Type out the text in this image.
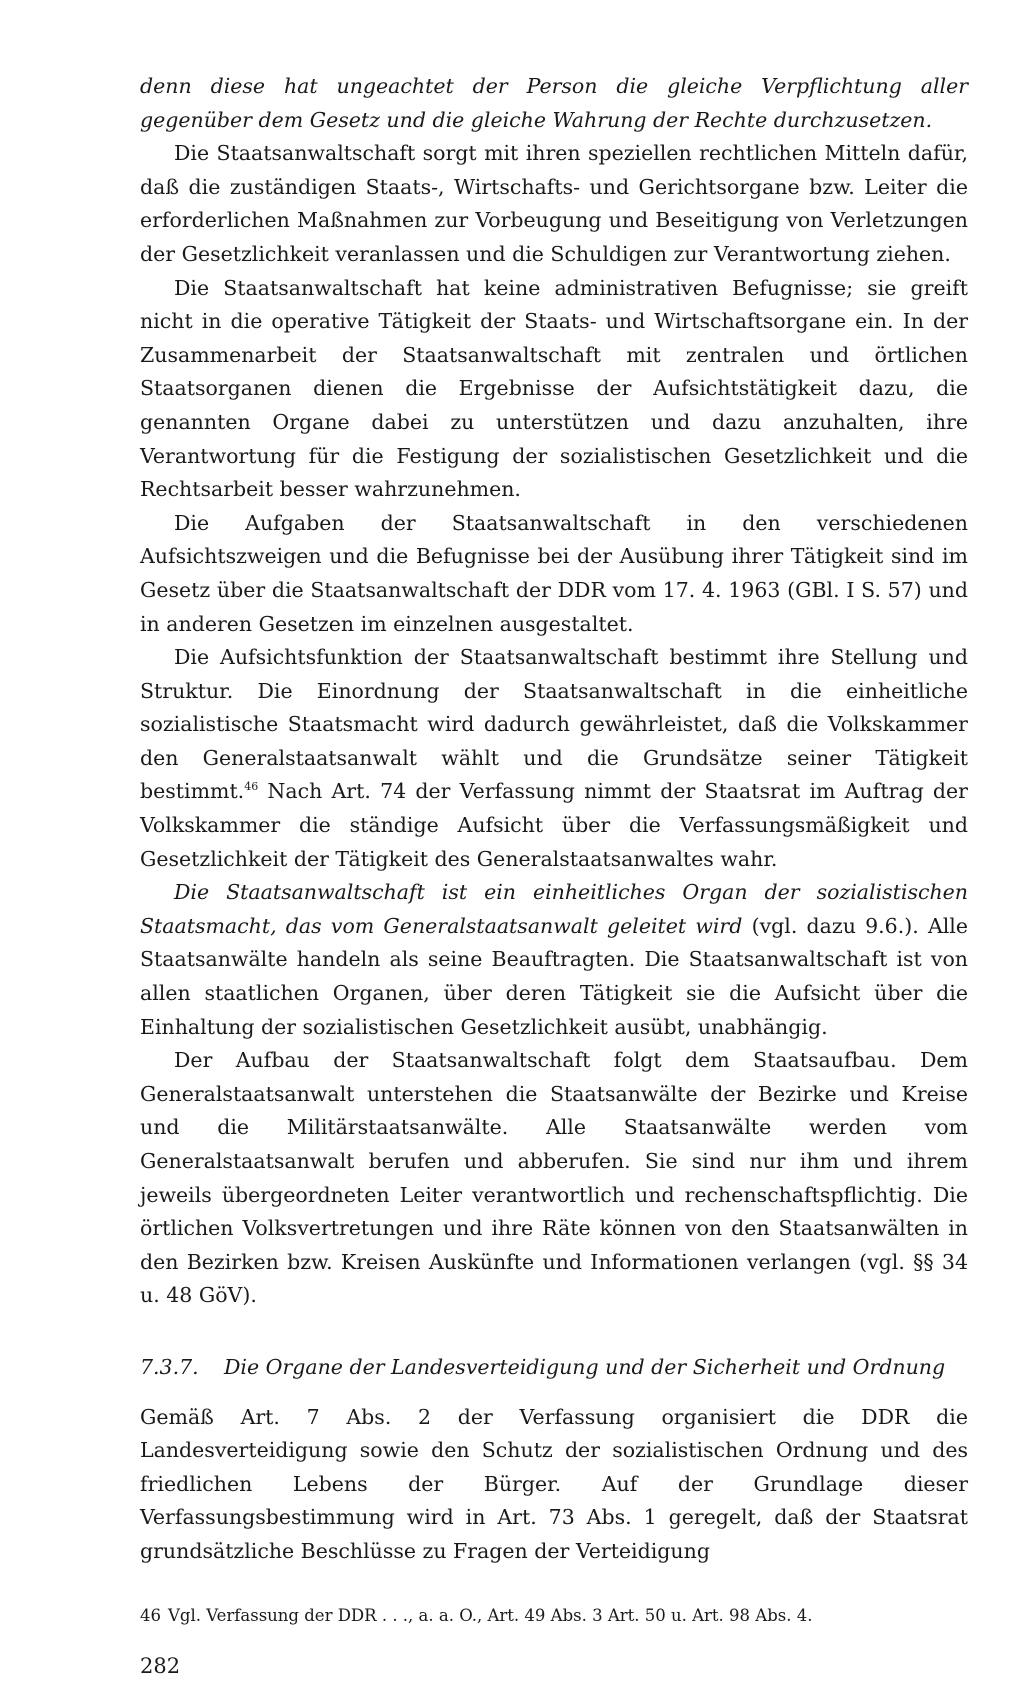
denn diese hat ungeachtet der Person die gleiche Verpflichtung aller gegenüber dem Gesetz und die gleiche Wahrung der Rechte durchzusetzen.

Die Staatsanwaltschaft sorgt mit ihren speziellen rechtlichen Mitteln dafür, daß die zuständigen Staats-, Wirtschafts- und Gerichtsorgane bzw. Leiter die erforderlichen Maßnahmen zur Vorbeugung und Beseitigung von Verletzungen der Gesetzlichkeit veranlassen und die Schuldigen zur Verantwortung ziehen.

Die Staatsanwaltschaft hat keine administrativen Befugnisse; sie greift nicht in die operative Tätigkeit der Staats- und Wirtschaftsorgane ein. In der Zusammenarbeit der Staatsanwaltschaft mit zentralen und örtlichen Staatsorganen dienen die Ergebnisse der Aufsichtstätigkeit dazu, die genannten Organe dabei zu unterstützen und dazu anzuhalten, ihre Verantwortung für die Festigung der sozialistischen Gesetzlichkeit und die Rechtsarbeit besser wahrzunehmen.

Die Aufgaben der Staatsanwaltschaft in den verschiedenen Aufsichtszweigen und die Befugnisse bei der Ausübung ihrer Tätigkeit sind im Gesetz über die Staatsanwaltschaft der DDR vom 17. 4. 1963 (GBl. I S. 57) und in anderen Gesetzen im einzelnen ausgestaltet.

Die Aufsichtsfunktion der Staatsanwaltschaft bestimmt ihre Stellung und Struktur. Die Einordnung der Staatsanwaltschaft in die einheitliche sozialistische Staatsmacht wird dadurch gewährleistet, daß die Volkskammer den Generalstaatsanwalt wählt und die Grundsätze seiner Tätigkeit bestimmt.$^{46}$ Nach Art. 74 der Verfassung nimmt der Staatsrat im Auftrag der Volkskammer die ständige Aufsicht über die Verfassungsmäßigkeit und Gesetzlichkeit der Tätigkeit des Generalstaatsanwaltes wahr.

Die Staatsanwaltschaft ist ein einheitliches Organ der sozialistischen Staatsmacht, das vom Generalstaatsanwalt geleitet wird (vgl. dazu 9.6.). Alle Staatsanwälte handeln als seine Beauftragten. Die Staatsanwaltschaft ist von allen staatlichen Organen, über deren Tätigkeit sie die Aufsicht über die Einhaltung der sozialistischen Gesetzlichkeit ausübt, unabhängig.

Der Aufbau der Staatsanwaltschaft folgt dem Staatsaufbau. Dem Generalstaatsanwalt unterstehen die Staatsanwälte der Bezirke und Kreise und die Militärstaatsanwälte. Alle Staatsanwälte werden vom Generalstaatsanwalt berufen und abberufen. Sie sind nur ihm und ihrem jeweils übergeordneten Leiter verantwortlich und rechenschaftspflichtig. Die örtlichen Volksvertretungen und ihre Räte können von den Staatsanwälten in den Bezirken bzw. Kreisen Auskünfte und Informationen verlangen (vgl. §§ 34 u. 48 GöV).

7.3.7.	Die Organe der Landesverteidigung und der Sicherheit und Ordnung

Gemäß Art. 7 Abs. 2 der Verfassung organisiert die DDR die Landesverteidigung sowie den Schutz der sozialistischen Ordnung und des friedlichen Lebens der Bürger. Auf der Grundlage dieser Verfassungsbestimmung wird in Art. 73 Abs. 1 geregelt, daß der Staatsrat grundsätzliche Beschlüsse zu Fragen der Verteidigung

46 Vgl. Verfassung der DDR . . ., a. a. O., Art. 49 Abs. 3 Art. 50 u. Art. 98 Abs. 4.
282
